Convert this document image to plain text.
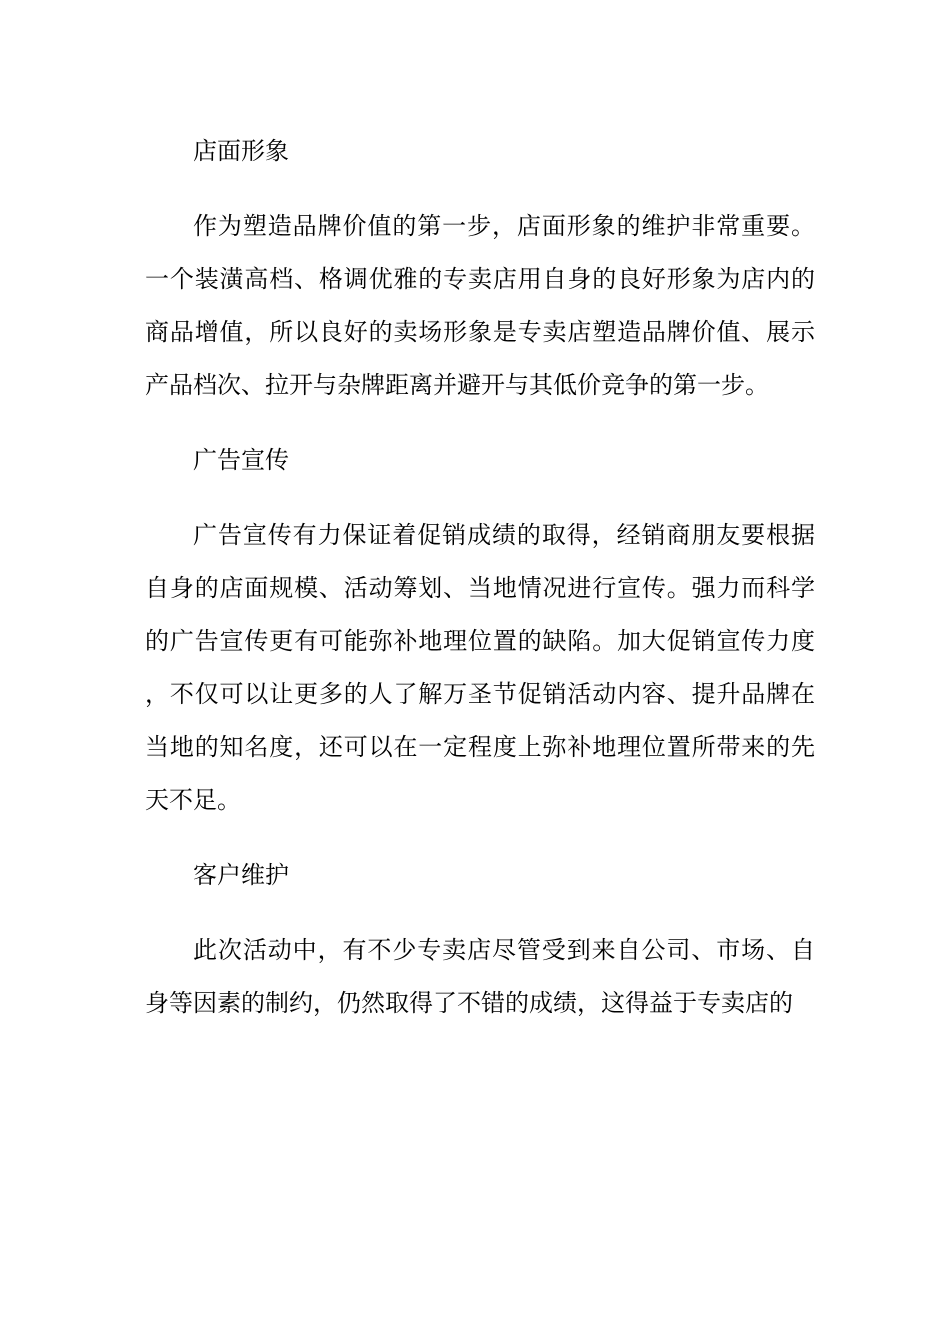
店面形象

作为塑造品牌价值的第一步，店面形象的维护非常重要。一个装潢高档、格调优雅的专卖店用自身的良好形象为店内的商品增值，所以良好的卖场形象是专卖店塑造品牌价值、展示产品档次、拉开与杂牌距离并避开与其低价竞争的第一步。

广告宣传

广告宣传有力保证着促销成绩的取得，经销商朋友要根据自身的店面规模、活动筹划、当地情况进行宣传。强力而科学的广告宣传更有可能弥补地理位置的缺陷。加大促销宣传力度，不仅可以让更多的人了解万圣节促销活动内容、提升品牌在当地的知名度，还可以在一定程度上弥补地理位置所带来的先天不足。

客户维护

此次活动中，有不少专卖店尽管受到来自公司、市场、自身等因素的制约，仍然取得了不错的成绩，这得益于专卖店的
